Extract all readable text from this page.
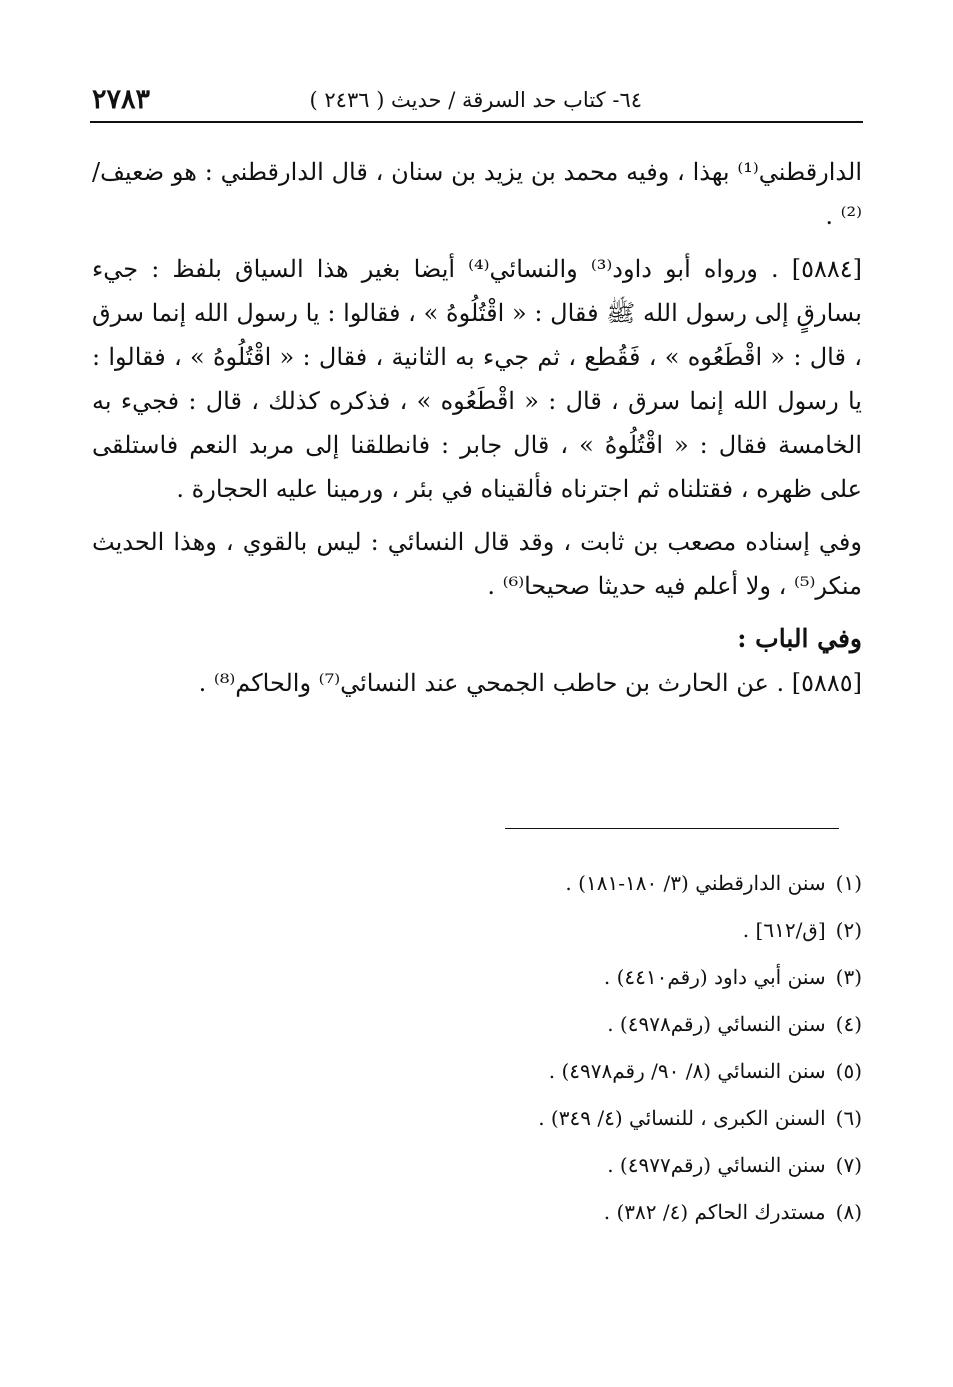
٦٤- كتاب حد السرقة / حديث ( ٢٤٣٦ )
٢٧٨٣

الدارقطني⁽¹⁾ بهذا ، وفيه محمد بن يزيد بن سنان ، قال الدارقطني : هو ضعيف/ ⁽²⁾ .

[٥٨٨٤] . ورواه أبو داود⁽³⁾ والنسائي⁽⁴⁾ أيضا بغير هذا السياق بلفظ : جيء بسارقٍ إلى رسول الله ﷺ فقال : « اقْتُلُوهُ » ، فقالوا : يا رسول الله إنما سرق ، قال : « اقْطَعُوه » ، فَقُطع ، ثم جيء به الثانية ، فقال : « اقْتُلُوهُ » ، فقالوا : يا رسول الله إنما سرق ، قال : « اقْطَعُوه » ، فذكره كذلك ، قال : فجيء به الخامسة فقال : « اقْتُلُوهُ » ، قال جابر : فانطلقنا إلى مربد النعم فاستلقى على ظهره ، فقتلناه ثم اجترناه فألقيناه في بئر ، ورمينا عليه الحجارة .

وفي إسناده مصعب بن ثابت ، وقد قال النسائي : ليس بالقوي ، وهذا الحديث منكر⁽⁵⁾ ، ولا أعلم فيه حديثا صحيحا⁽⁶⁾ .

وفي الباب :

[٥٨٨٥] . عن الحارث بن حاطب الجمحي عند النسائي⁽⁷⁾ والحاكم⁽⁸⁾ .

(١)
سنن الدارقطني (٣/ ١٨٠-١٨١) .
(٢)
[ق/٦١٢] .
(٣)
سنن أبي داود (رقم٤٤١٠) .
(٤)
سنن النسائي (رقم٤٩٧٨) .
(٥)
سنن النسائي (٨/ ٩٠/ رقم٤٩٧٨) .
(٦)
السنن الكبرى ، للنسائي (٤/ ٣٤٩) .
(٧)
سنن النسائي (رقم٤٩٧٧) .
(٨)
مستدرك الحاكم (٤/ ٣٨٢) .
